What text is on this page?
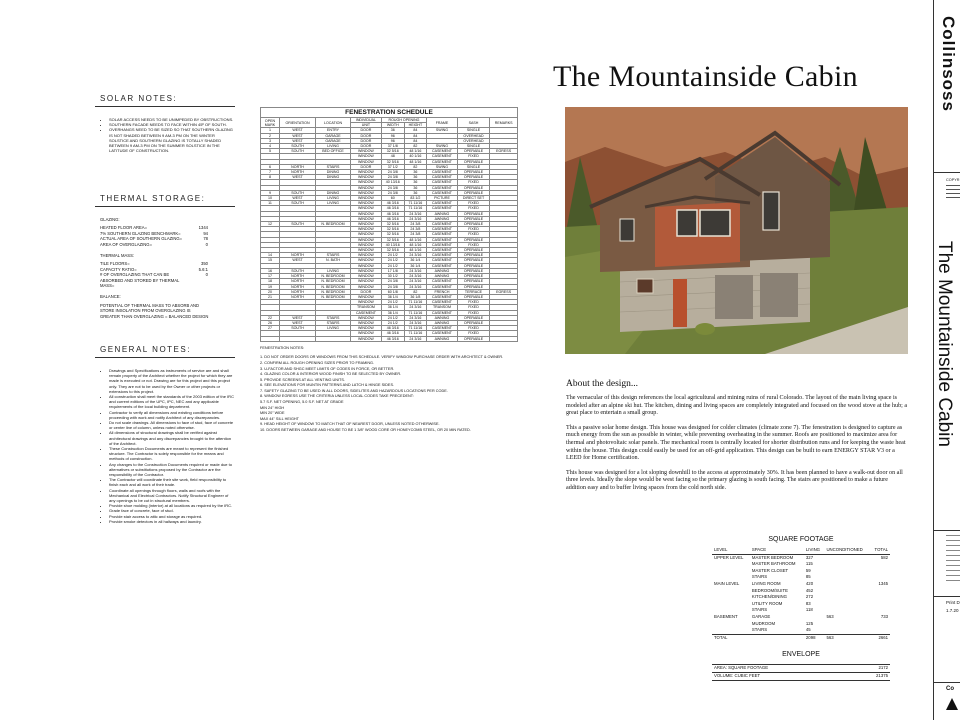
The Mountainside Cabin
SOLAR NOTES:
• SOLAR ACCESS NEEDS TO BE UNIMPEDED BY OBSTRUCTIONS.
• SOUTHERN FACADE NEEDS TO FACE WITHIN 45º OF SOUTH.
• OVERHANGS NEED TO BE SIZED SO THAT SOUTHERN GLAZING IS NOT SHADED BETWEEN 9 AM-3 PM ON THE WINTER SOLSTICE AND SOUTHERN GLAZING IS TOTALLY SHADED BETWEEN 9 AM-3 PM ON THE SUMMER SOLSTICE IN THE LATITUDE OF CONSTRUCTION.
THERMAL STORAGE:
GLAZING:
HEATED FLOOR AREA=	1344
7% SOUTHERN GLAZING BENCHMARK=	94
ACTUAL AREA OF SOUTHERN GLAZING=	78
AREA OF OVERGLAZING=	0
THERMAL MASS:
TILE FLOORS=	350
CAPACITY RATIO=	5.6:1
# OF OVERGLAZING THAT CAN BE ABSORBED AND STORED BY THERMAL MASS=
0
BALANCE:
POTENTIAL OF THERMAL MASS TO ABSORB AND STORE INSOLATION FROM OVERGLAZING IS GREATER THAN OVERGLAZING = BALANCED DESIGN
GENERAL NOTES:
• Drawings and Specifications as instruments of service are and shall remain property of the Architect whether the project for which they are made is executed or not. Drawing are for this project and this project only. They are not to be used by the Owner or other projects or extensions to this project.
• All construction shall meet the standards of the 2003 edition of the IRC and current editions of the UPC, IPC, NEC and any applicable requirements of the local building department.
• Contractor to verify all dimensions and existing conditions before proceeding with work and notify Architect of any discrepancies.
• Do not scale drawings. All dimensions to face of stud, face of concrete or center line of column, unless noted otherwise.
• All dimensions of structural drawings shall be verified against architectural drawings and any discrepancies brought to the attention of the Architect.
• These Construction Documents are meant to represent the finished structure. The Contractor is solely responsible for the means and methods of construction.
• Any changes to the Construction Documents required or made due to alternatives or substitutions proposed by the Contractor are the responsibility of the Contractor.
• The Contractor will coordinate their site work, field responsibility to finish each and all work of their trade.
• Coordinate all openings through floors, walls and roofs with the Mechanical and Electrical Contractors. Notify Structural Engineer of any openings to be cut in structural members.
• Provide shoe molding (interior) at all locations as required by the IRC.
• Grade face of concrete, face of stud.
• Provide stair access to attic and storage as required.
• Provide smoke detectors in all hallways and laundry.
FENESTRATION SCHEDULE
OPEN MARK	ORIENTATION	LOCATION	INDIVIDUAL	ROUGH OPENING		FRAME	SASH	REMARKS
			UNIT	WIDTH	HEIGHT			
1	WEST	ENTRY	DOOR	36	84	SWING	SINGLE	
2	WEST	GARAGE	DOOR	96	84		OVERHEAD	
3	WEST	GARAGE	DOOR	96	84		OVERHEAD	
4	SOUTH	LIVING	DOOR	37 1/8	82	SWING	SINGLE	
5	SOUTH	BED OFFICE	WINDOW	32 5/16	48 1/16	CASEMENT	OPERABLE	EGRESS
			WINDOW	48	40 1/16	CASEMENT	FIXED	
			WINDOW	32 5/16	48 1/16	CASEMENT	OPERABLE	
6	NORTH	STAIRS	DOOR	37 1/2	82	SWING	SINGLE	
7	NORTH	DINING	WINDOW	24 3/8	36	CASEMENT	OPERABLE	
8	WEST	DINING	WINDOW	24 3/8	36	CASEMENT	OPERABLE	
			WINDOW	40 13/16	36	CASEMENT	FIXED	
			WINDOW	24 3/8	36	CASEMENT	OPERABLE	
9	SOUTH	DINING	WINDOW	24 3/8	36	CASEMENT	OPERABLE	
10	WEST	LIVING	WINDOW	60	83 1/2	PICTURE	DIRECT SET	
11	SOUTH	LIVING	WINDOW	46 3/16	71 11/16	CASEMENT	FIXED	
			WINDOW	46 3/16	71 11/16	CASEMENT	FIXED	
			WINDOW	46 3/16	24 3/16	AWNING	OPERABLE	
			WINDOW	46 3/16	24 3/16	AWNING	OPERABLE	
12	SOUTH	N. BEDROOM	WINDOW	32 5/16	24 3/8	CASEMENT	OPERABLE	
			WINDOW	32 5/16	24 3/8	CASEMENT	FIXED	
			WINDOW	32 5/16	24 3/8	CASEMENT	FIXED	
			WINDOW	32 5/16	48 1/16	CASEMENT	OPERABLE	
			WINDOW	40 13/16	48 1/16	CASEMENT	FIXED	
			WINDOW	32 5/16	48 1/16	CASEMENT	OPERABLE	
14	NORTH	STAIRS	WINDOW	24 1/2	24 3/16	CASEMENT	OPERABLE	
15	WEST	N. BATH	WINDOW	24 1/2	36 1/4	CASEMENT	OPERABLE	
			WINDOW	24 1/2	36 1/4	CASEMENT	OPERABLE	
16	SOUTH	LIVING	WINDOW	17 1/8	24 3/16	AWNING	OPERABLE	
17	NORTH	N. BEDROOM	WINDOW	30 1/2	24 3/16	AWNING	OPERABLE	
18	NORTH	N. BEDROOM	WINDOW	24 3/8	24 3/16	CASEMENT	OPERABLE	
19	NORTH	N. BEDROOM	WINDOW	24 3/8	24 3/16	CASEMENT	OPERABLE	
20	NORTH	N. BEDROOM	DOOR	60 1/8	82	FRENCH	TERRACE	EGRESS
21	NORTH	N. BEDROOM	WINDOW	36 1/4	36 1/8	CASEMENT	OPERABLE	
			WINDOW	24 1/2	71 11/16	CASEMENT	FIXED	
			TRANSOM	36 1/4	24 3/16	TRANSOM	FIXED	
			CASEMENT	36 1/4	71 11/16	CASEMENT	FIXED	
22	WEST	STAIRS	WINDOW	24 1/2	24 3/16	AWNING	OPERABLE	
26	WEST	STAIRS	WINDOW	24 1/2	24 3/16	AWNING	OPERABLE	
27	SOUTH	LIVING	WINDOW	46 3/16	71 11/16	CASEMENT	FIXED	
			WINDOW	46 3/16	71 11/16	CASEMENT	FIXED	
			WINDOW	46 3/16	24 3/16	AWNING	OPERABLE	
FENESTRATION NOTES:
1. DO NOT ORDER DOORS OR WINDOWS FROM THIS SCHEDULE. VERIFY WINDOW PURCHASE ORDER WITH ARCHITECT & OWNER.
2. CONFIRM ALL ROUGH OPENING SIZES PRIOR TO FRAMING.
3. U-FACTOR AND SHGC MEET LIMITS OF CODES IN FORCE, OR BETTER.
4. GLAZING COLOR & INTERIOR WOOD FINISH TO BE SELECTED BY OWNER.
5. PROVIDE SCREENS AT ALL VENTING UNITS.
6. SEE ELEVATIONS FOR MUNTIN PATTERNS AND LATCH & HINGE SIDES.
7. SAFETY GLAZING TO BE USED IN ALL DOORS, SIDELITES AND HAZARDOUS LOCATIONS PER CODE.
8. WINDOW EGRESS USE THE CRITERIA UNLESS LOCAL CODES TAKE PRECEDENT:
5.7 S.F. NET OPENING, 5.0 S.F. NET AT GRADE
MIN 24" HIGH
MIN 20" WIDE
MAX 44" SILL HEIGHT
9. HEAD HEIGHT OF WINDOW TO MATCH THAT OF NEAREST DOOR, UNLESS NOTED OTHERWISE.
10. DOORS BETWEEN GARAGE AND HOUSE TO BE 1 3/8" WOOD CORE OR HONEYCOMB STEEL, OR 20 MIN RATED.
About the design...

The vernacular of this design references the local agricultural and mining ruins of rural Colorado. The layout of the main living space is modeled after an alpine ski hut. The kitchen, dining and living spaces are completely integrated and focused on the wood stove at the hub; a great place to entertain a small group.

This a passive solar home design. This house was designed for colder climates (climate zone 7). The fenestration is designed to capture as much energy from the sun as possible in winter, while preventing overheating in the summer. Roofs are positioned to maximize area for thermal and photovoltaic solar panels. The mechanical room is centrally located for shorter distribution runs and for keeping the waste heat within the house. This design could easily be used for an off-grid application. This design can be built to earn ENERGY STAR V3 or a LEED for Home certification.

This house was designed for a lot sloping downhill to the access at approximately 30%. It has been planned to have a walk-out door on all three levels. Ideally the slope would be west facing so the primary glazing is south facing. The stairs are positioned to make a future addition easy and to buffer living spaces from the cold north side.

SQUARE FOOTAGE
LEVEL	SPACE	LIVING	UNCONDITIONED	TOTAL
UPPER LEVEL	MASTER BEDROOM	327		582
	MASTER BATHROOM	115		
	MASTER CLOSET	59		
	STAIRS	85		
MAIN LEVEL	LIVING ROOM	420		1345
	BEDROOM/SUITE	452		
	KITCHEN/DINING	272		
	UTILITY ROOM	83		
	STAIRS	118		
BASEMENT	GARAGE		563	733
	MUDROOM	125		
	STAIRS	45		
TOTAL		2098	563	2661
ENVELOPE
AREA: SQUARE FOOTAGE	2172
VOLUME: CUBIC FEET	21375
Collinsoss
COPYR
The Mountainside Cabin
Print D
1.7.20
Co
